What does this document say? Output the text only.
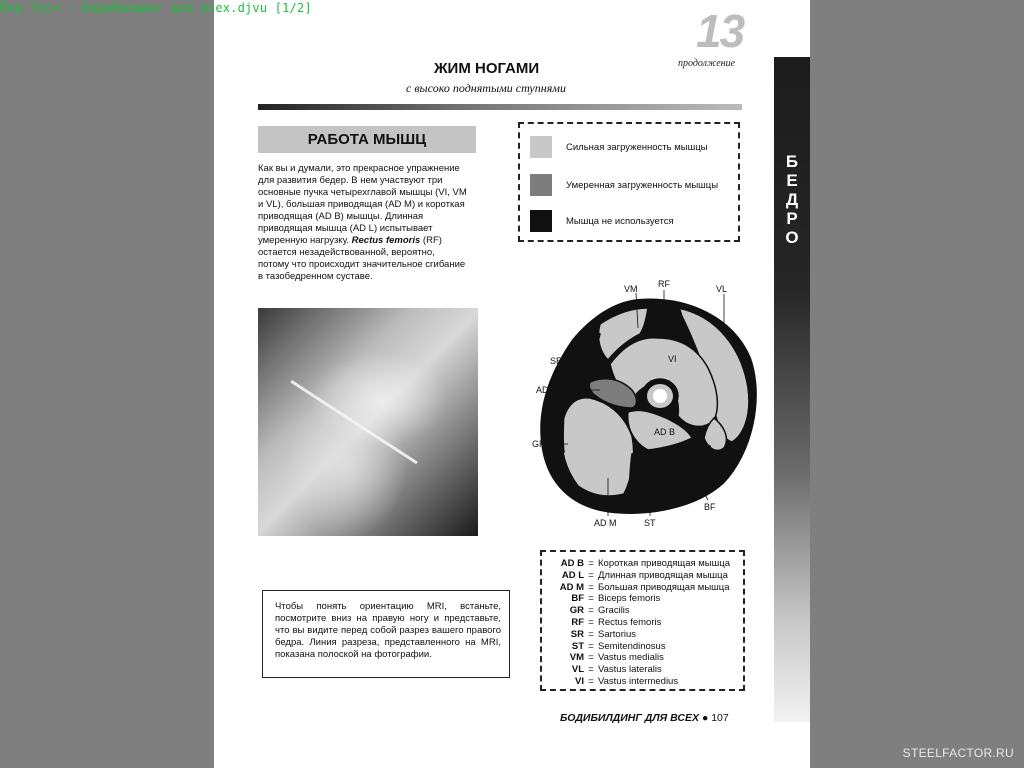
Пер Тесч - Бодибилдинг для всех.djvu [1/2]
Б
Е
Д
Р
О
13
продолжение
ЖИМ НОГАМИ
с высоко поднятыми ступнями
РАБОТА МЫШЦ
Как вы и думали, это прекрасное упражнение для развития бедер. В нем участвуют три основные пучка четырехглавой мышцы (VI, VM и VL), большая приводящая (AD M) и короткая приводящая (AD B) мышцы. Длинная приводящая мышца (AD L) испытывает умеренную нагрузку. Rectus femoris (RF) остается незадействованной, вероятно, потому что происходит значительное сгибание в тазобедренном суставе.
Сильная загруженность мышцы
Умеренная загруженность мышцы
Мышца не используется
VM RF	VL
SR	VI
AD L
GR
AD B
AD M	ST
BF
Чтобы понять ориентацию MRI, встаньте, посмотрите вниз на правую ногу и представьте, что вы видите перед собой разрез вашего правого бедра. Линия разреза, представленного на MRI, показана полоской на фотографии.
AD B = Короткая приводящая мышца
AD L = Длинная приводящая мышца
AD M = Большая приводящая мышца
BF = Biceps femoris
GR = Gracilis
RF = Rectus femoris
SR = Sartorius
ST = Semitendinosus
VM = Vastus medialis
VL = Vastus lateralis
VI = Vastus intermedius
БОДИБИЛДИНГ ДЛЯ ВСЕХ ● 107
STEELFACTOR.RU
